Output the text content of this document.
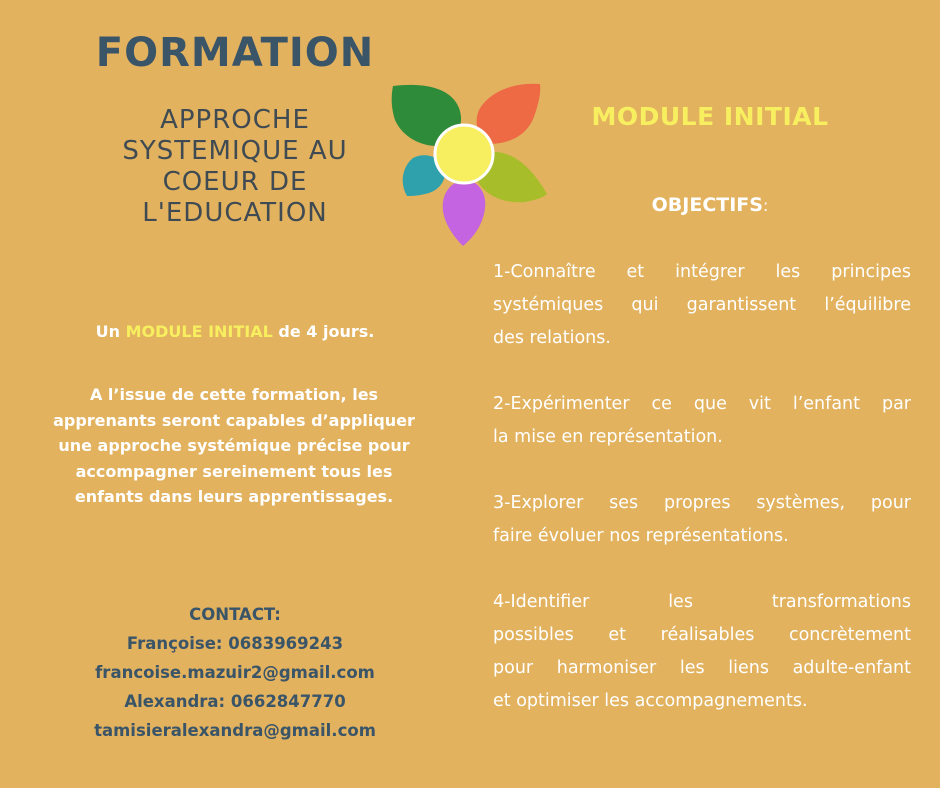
FORMATION
APPROCHE
SYSTEMIQUE AU
COEUR DE
L'EDUCATION
MODULE INITIAL
OBJECTIFS:
Un MODULE INITIAL de 4 jours.
A l’issue de cette formation, les
apprenants seront capables d’appliquer
une approche systémique précise pour
accompagner sereinement tous les
enfants dans leurs apprentissages.
CONTACT:
Françoise: 0683969243
francoise.mazuir2@gmail.com
Alexandra: 0662847770
tamisieralexandra@gmail.com
1-Connaître et intégrer les principes
systémiques qui garantissent l’équilibre
des relations.
2-Expérimenter ce que vit l’enfant par
la mise en représentation.
3-Explorer ses propres systèmes, pour
faire évoluer nos représentations.
4-Identifier les transformations
possibles et réalisables concrètement
pour harmoniser les liens adulte-enfant
et optimiser les accompagnements.
